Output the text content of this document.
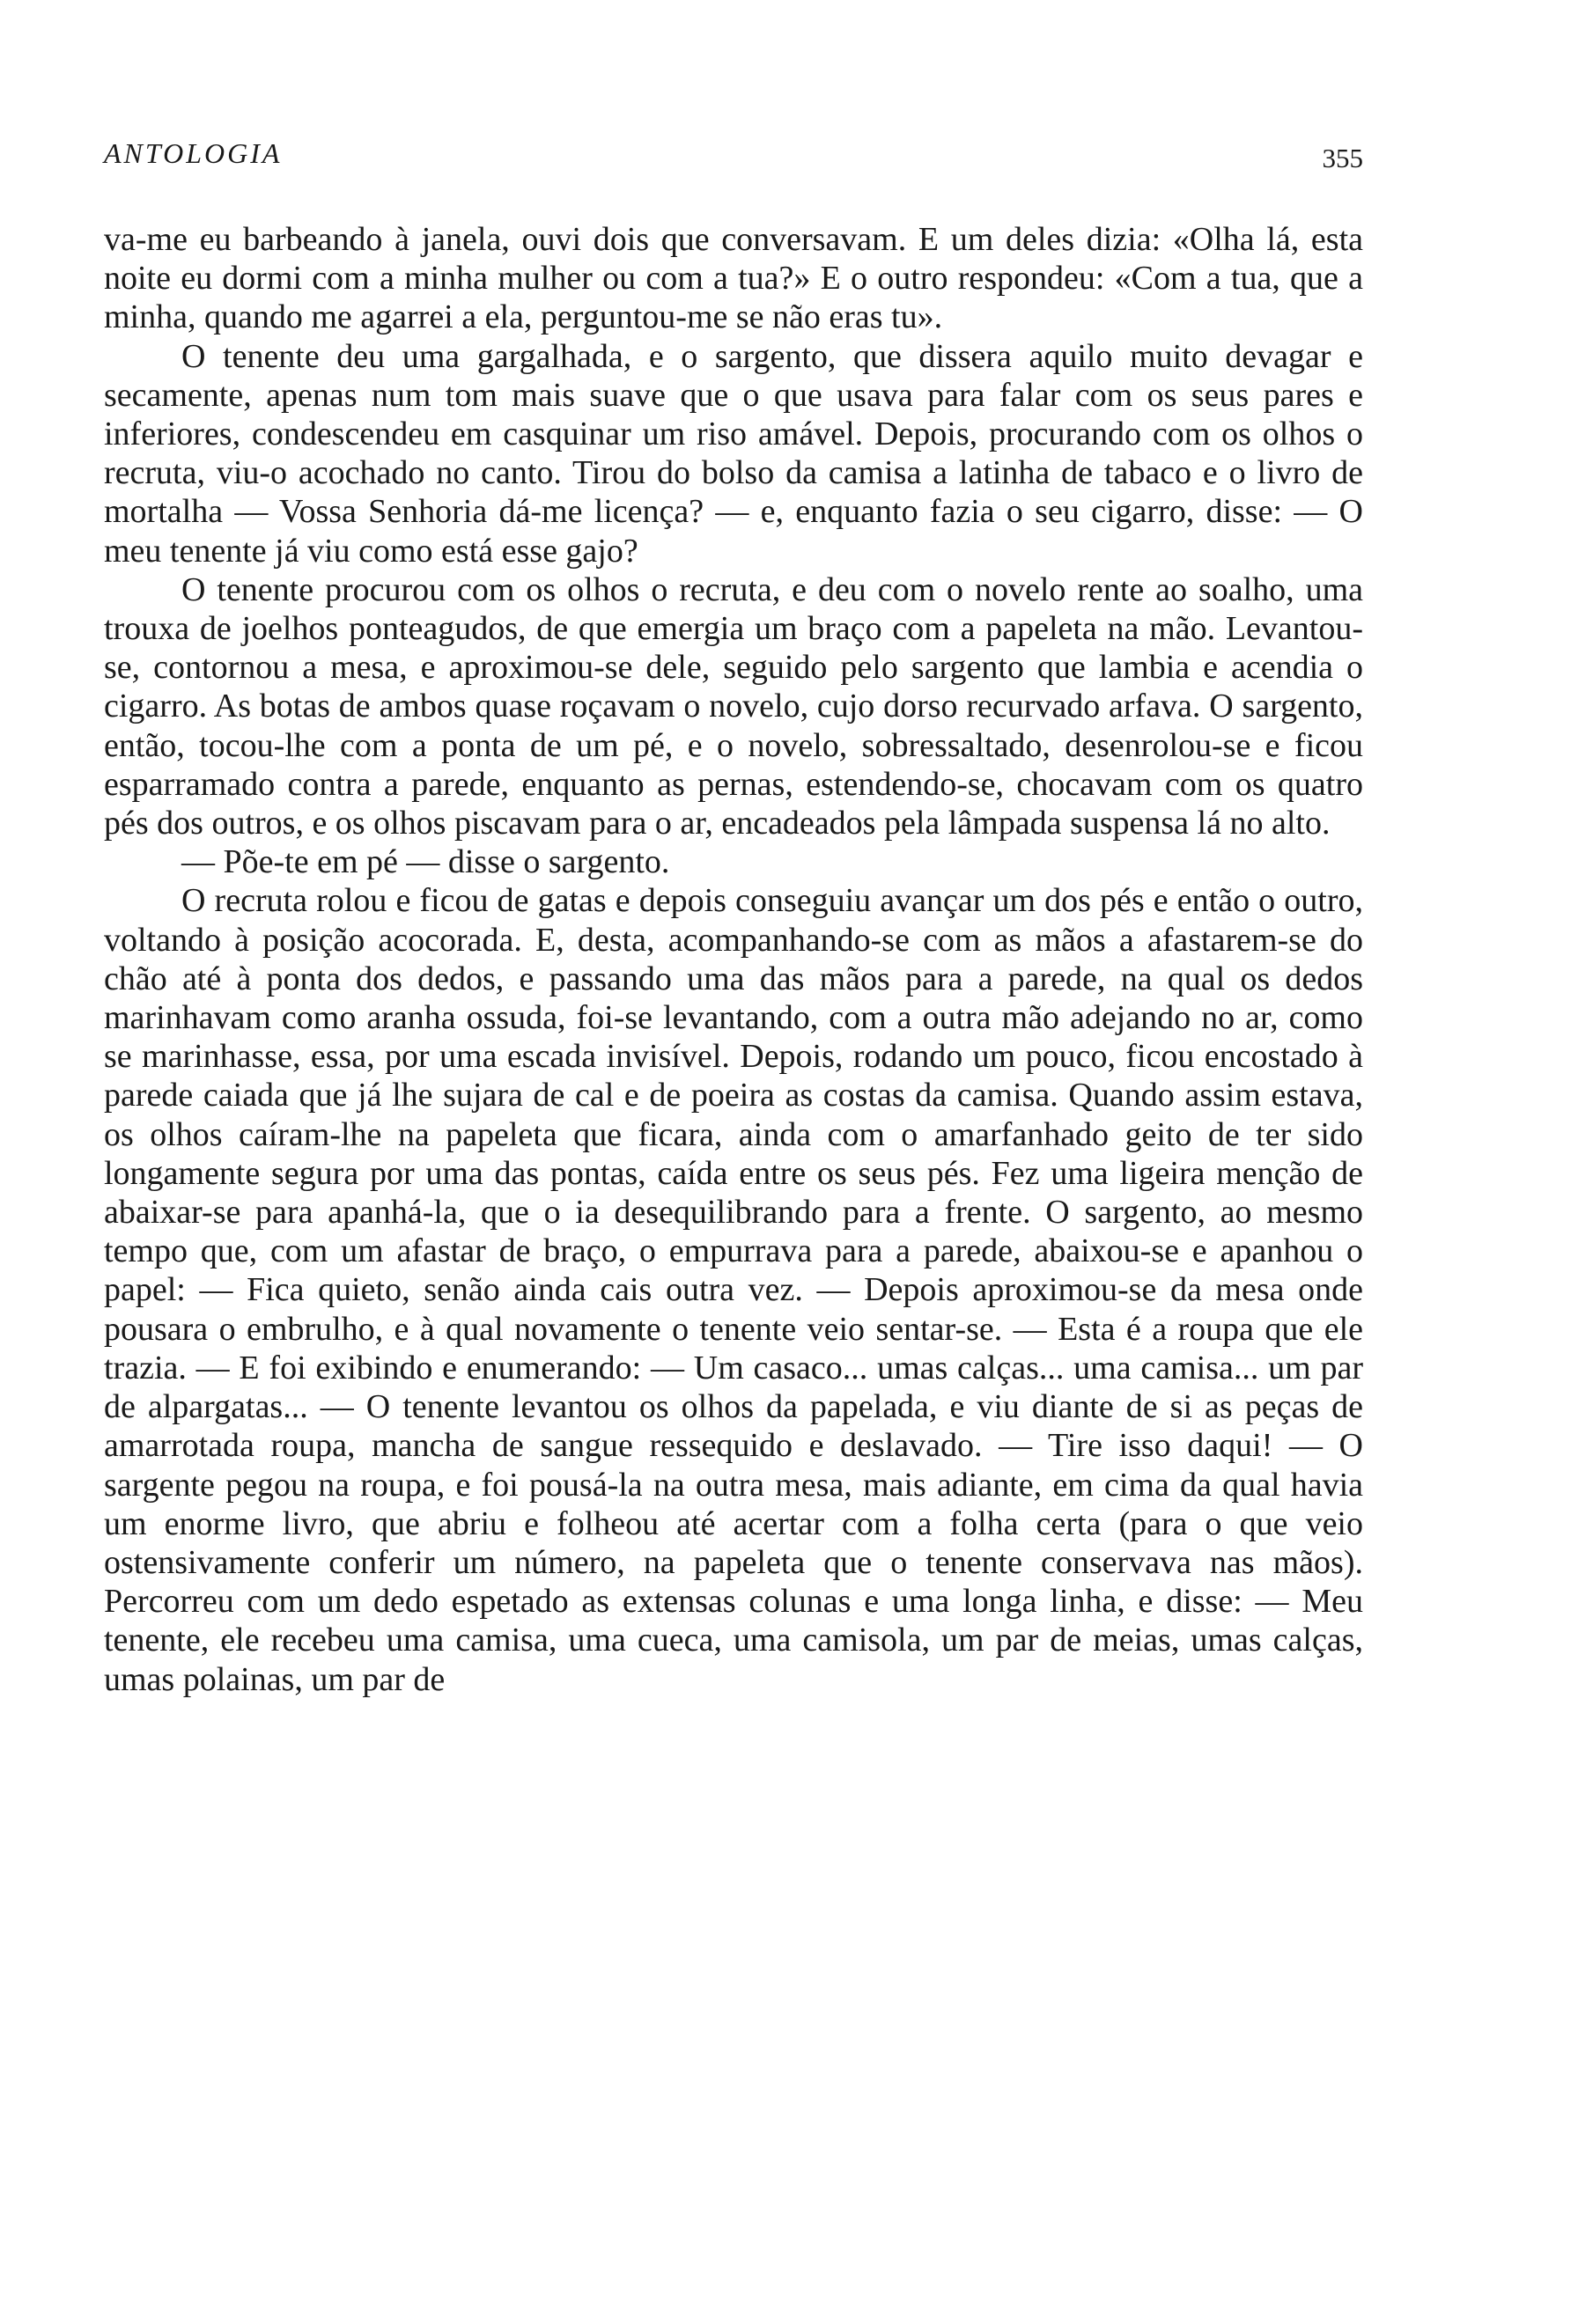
ANTOLOGIA	355

va-me eu barbeando à janela, ouvi dois que conversavam. E um deles dizia: «Olha lá, esta noite eu dormi com a minha mulher ou com a tua?» E o outro respondeu: «Com a tua, que a minha, quando me agarrei a ela, perguntou-me se não eras tu».

O tenente deu uma gargalhada, e o sargento, que dissera aquilo muito devagar e secamente, apenas num tom mais suave que o que usava para falar com os seus pares e inferiores, condescendeu em casquinar um riso amável. Depois, procurando com os olhos o recruta, viu-o acochado no canto. Tirou do bolso da camisa a latinha de tabaco e o livro de mortalha — Vossa Senhoria dá-me licença? — e, enquanto fazia o seu cigarro, disse: — O meu tenente já viu como está esse gajo?

O tenente procurou com os olhos o recruta, e deu com o novelo rente ao soalho, uma trouxa de joelhos ponteagudos, de que emergia um braço com a papeleta na mão. Levantou-se, contornou a mesa, e aproximou-se dele, seguido pelo sargento que lambia e acendia o cigarro. As botas de ambos quase roçavam o novelo, cujo dorso recurvado arfava. O sargento, então, tocou-lhe com a ponta de um pé, e o novelo, sobressaltado, desenrolou-se e ficou esparramado contra a parede, enquanto as pernas, estendendo-se, chocavam com os quatro pés dos outros, e os olhos piscavam para o ar, encadeados pela lâmpada suspensa lá no alto.

— Põe-te em pé — disse o sargento.

O recruta rolou e ficou de gatas e depois conseguiu avançar um dos pés e então o outro, voltando à posição acocorada. E, desta, acompanhando-se com as mãos a afastarem-se do chão até à ponta dos dedos, e passando uma das mãos para a parede, na qual os dedos marinhavam como aranha ossuda, foi-se levantando, com a outra mão adejando no ar, como se marinhasse, essa, por uma escada invisível. Depois, rodando um pouco, ficou encostado à parede caiada que já lhe sujara de cal e de poeira as costas da camisa. Quando assim estava, os olhos caíram-lhe na papeleta que ficara, ainda com o amarfanhado geito de ter sido longamente segura por uma das pontas, caída entre os seus pés. Fez uma ligeira menção de abaixar-se para apanhá-la, que o ia desequilibrando para a frente. O sargento, ao mesmo tempo que, com um afastar de braço, o empurrava para a parede, abaixou-se e apanhou o papel: — Fica quieto, senão ainda cais outra vez. — Depois aproximou-se da mesa onde pousara o embrulho, e à qual novamente o tenente veio sentar-se. — Esta é a roupa que ele trazia. — E foi exibindo e enumerando: — Um casaco... umas calças... uma camisa... um par de alpargatas... — O tenente levantou os olhos da papelada, e viu diante de si as peças de amarrotada roupa, mancha de sangue ressequido e deslavado. — Tire isso daqui! — O sargente pegou na roupa, e foi pousá-la na outra mesa, mais adiante, em cima da qual havia um enorme livro, que abriu e folheou até acertar com a folha certa (para o que veio ostensivamente conferir um número, na papeleta que o tenente conservava nas mãos). Percorreu com um dedo espetado as extensas colunas e uma longa linha, e disse: — Meu tenente, ele recebeu uma camisa, uma cueca, uma camisola, um par de meias, umas calças, umas polainas, um par de
